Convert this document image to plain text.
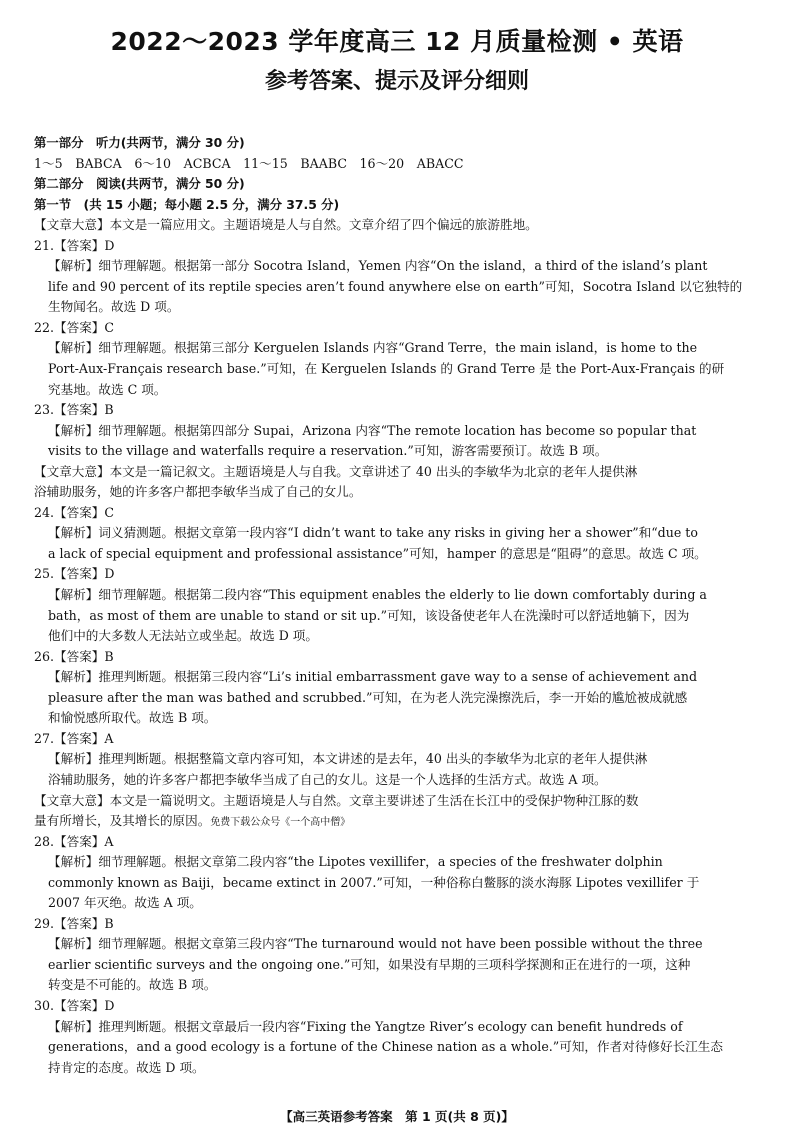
2022～2023 学年度高三 12 月质量检测 • 英语
参考答案、提示及评分细则
第一部分　听力(共两节，满分 30 分)
1～5　BABCA　6～10　ACBCA　11～15　BAABC　16～20　ABACC
第二部分　阅读(共两节，满分 50 分)
第一节　(共 15 小题；每小题 2.5 分，满分 37.5 分)
【文章大意】本文是一篇应用文。主题语境是人与自然。文章介绍了四个偏远的旅游胜地。
21.【答案】D
【解析】细节理解题。根据第一部分 Socotra Island，Yemen 内容“On the island，a third of the island’s plant
life and 90 percent of its reptile species aren’t found anywhere else on earth”可知，Socotra Island 以它独特的
生物闻名。故选 D 项。
22.【答案】C
【解析】细节理解题。根据第三部分 Kerguelen Islands 内容“Grand Terre，the main island，is home to the
Port-Aux-Français research base.”可知，在 Kerguelen Islands 的 Grand Terre 是 the Port-Aux-Français 的研
究基地。故选 C 项。
23.【答案】B
【解析】细节理解题。根据第四部分 Supai，Arizona 内容“The remote location has become so popular that
visits to the village and waterfalls require a reservation.”可知，游客需要预订。故选 B 项。
【文章大意】本文是一篇记叙文。主题语境是人与自我。文章讲述了 40 出头的李敏华为北京的老年人提供淋
浴辅助服务，她的许多客户都把李敏华当成了自己的女儿。
24.【答案】C
【解析】词义猜测题。根据文章第一段内容“I didn’t want to take any risks in giving her a shower”和“due to
a lack of special equipment and professional assistance”可知，hamper 的意思是“阻碍”的意思。故选 C 项。
25.【答案】D
【解析】细节理解题。根据第二段内容“This equipment enables the elderly to lie down comfortably during a
bath，as most of them are unable to stand or sit up.”可知，该设备使老年人在洗澡时可以舒适地躺下，因为
他们中的大多数人无法站立或坐起。故选 D 项。
26.【答案】B
【解析】推理判断题。根据第三段内容“Li’s initial embarrassment gave way to a sense of achievement and
pleasure after the man was bathed and scrubbed.”可知，在为老人洗完澡擦洗后，李一开始的尴尬被成就感
和愉悦感所取代。故选 B 项。
27.【答案】A
【解析】推理判断题。根据整篇文章内容可知，本文讲述的是去年，40 出头的李敏华为北京的老年人提供淋
浴辅助服务，她的许多客户都把李敏华当成了自己的女儿。这是一个人选择的生活方式。故选 A 项。
【文章大意】本文是一篇说明文。主题语境是人与自然。文章主要讲述了生活在长江中的受保护物种江豚的数
量有所增长，及其增长的原因。免费下载公众号《一个高中僧》
28.【答案】A
【解析】细节理解题。根据文章第二段内容“the Lipotes vexillifer，a species of the freshwater dolphin
commonly known as Baiji，became extinct in 2007.”可知，一种俗称白鳖豚的淡水海豚 Lipotes vexillifer 于
2007 年灭绝。故选 A 项。
29.【答案】B
【解析】细节理解题。根据文章第三段内容“The turnaround would not have been possible without the three
earlier scientific surveys and the ongoing one.”可知，如果没有早期的三项科学探测和正在进行的一项，这种
转变是不可能的。故选 B 项。
30.【答案】D
【解析】推理判断题。根据文章最后一段内容“Fixing the Yangtze River’s ecology can benefit hundreds of
generations，and a good ecology is a fortune of the Chinese nation as a whole.”可知，作者对待修好长江生态
持肯定的态度。故选 D 项。
【高三英语参考答案　第 1 页(共 8 页)】
